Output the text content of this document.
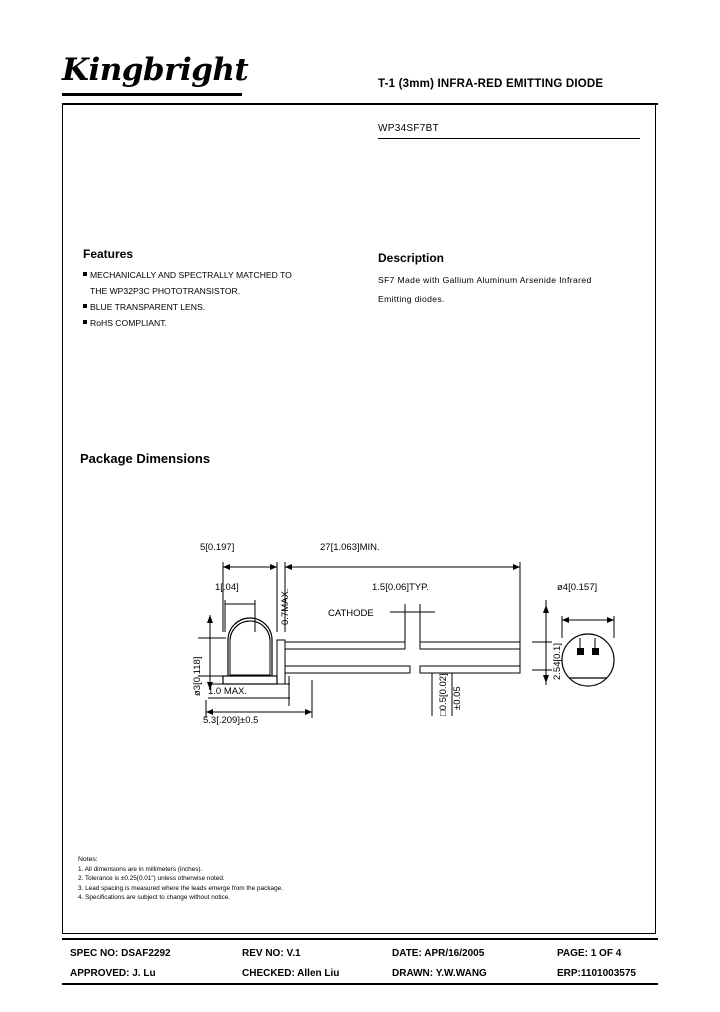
Kingbright	T-1 (3mm) INFRA-RED EMITTING DIODE
WP34SF7BT
Features
MECHANICALLY AND SPECTRALLY MATCHED TO
THE WP32P3C PHOTOTRANSISTOR.
BLUE TRANSPARENT LENS.
RoHS COMPLIANT.
Description
SF7 Made with Gallium Aluminum Arsenide Infrared
Emitting diodes.
Package Dimensions
5[0.197]	27[1.063]MIN.
1[.04]
0.7MAX.
1.5[0.06]TYP.
CATHODE
ø3[0.118]
ø4[0.157]
1.0 MAX.
5.3[.209]±0.5
2.54[0.1]
□0.5[0.02] ±0.05
Notes:
1. All dimensions are in millimeters (inches).
2. Tolerance is ±0.25(0.01") unless otherwise noted.
3. Lead spacing is measured where the leads emerge from the package.
4. Specifications are subject to change without notice.
SPEC NO: DSAF2292
APPROVED: J. Lu
REV NO: V.1
CHECKED: Allen Liu
DATE: APR/16/2005
DRAWN: Y.W.WANG
PAGE: 1 OF 4
ERP:1101003575
